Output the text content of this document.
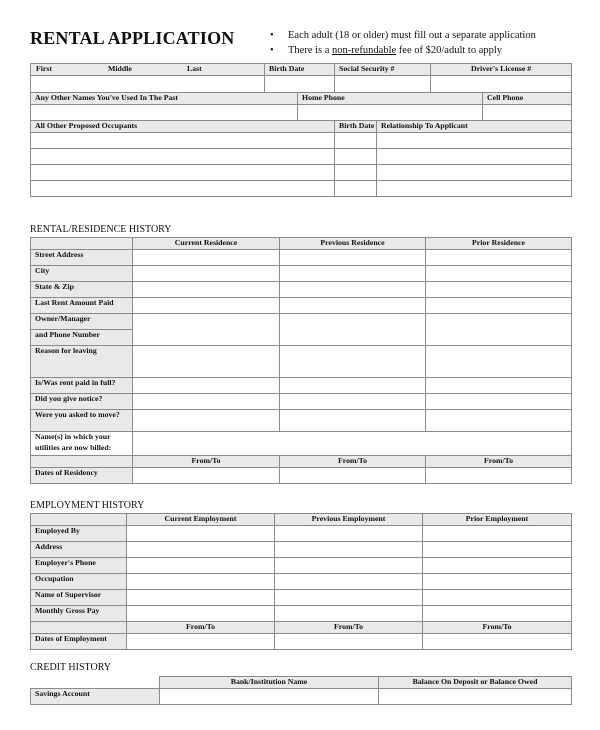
RENTAL APPLICATION	• Each adult (18 or older) must fill out a separate application
• There is a non-refundable fee of $20/adult to apply
First Middle Last	Birth Date		Social Security #		Driver's License #	

Any Other Names You've Used In The Past		Home Phone				Cell Phone

All Other Proposed Occupants			Birth Date	Relationship To Applicant		

RENTAL/RESIDENCE HISTORY
	Current Residence	Previous Residence	Prior Residence
Street Address			
City			
State & Zip			
Last Rent Amount Paid			
Owner/Manager			
and Phone Number			
Reason for leaving			
Is/Was rent paid in full?			
Did you give notice?			
Were you asked to move?			
Name(s) in which your utilities are now billed:			
	From/To	From/To	From/To
Dates of Residency			
EMPLOYMENT HISTORY
	Current Employment	Previous Employment	Prior Employment
Employed By			
Address			
Employer's Phone			
Occupation			
Name of Supervisor			
Monthly Gross Pay			
	From/To	From/To	From/To
Dates of Employment			
CREDIT HISTORY
	Bank/Institution Name	Balance On Deposit or Balance Owed
Savings Account		
